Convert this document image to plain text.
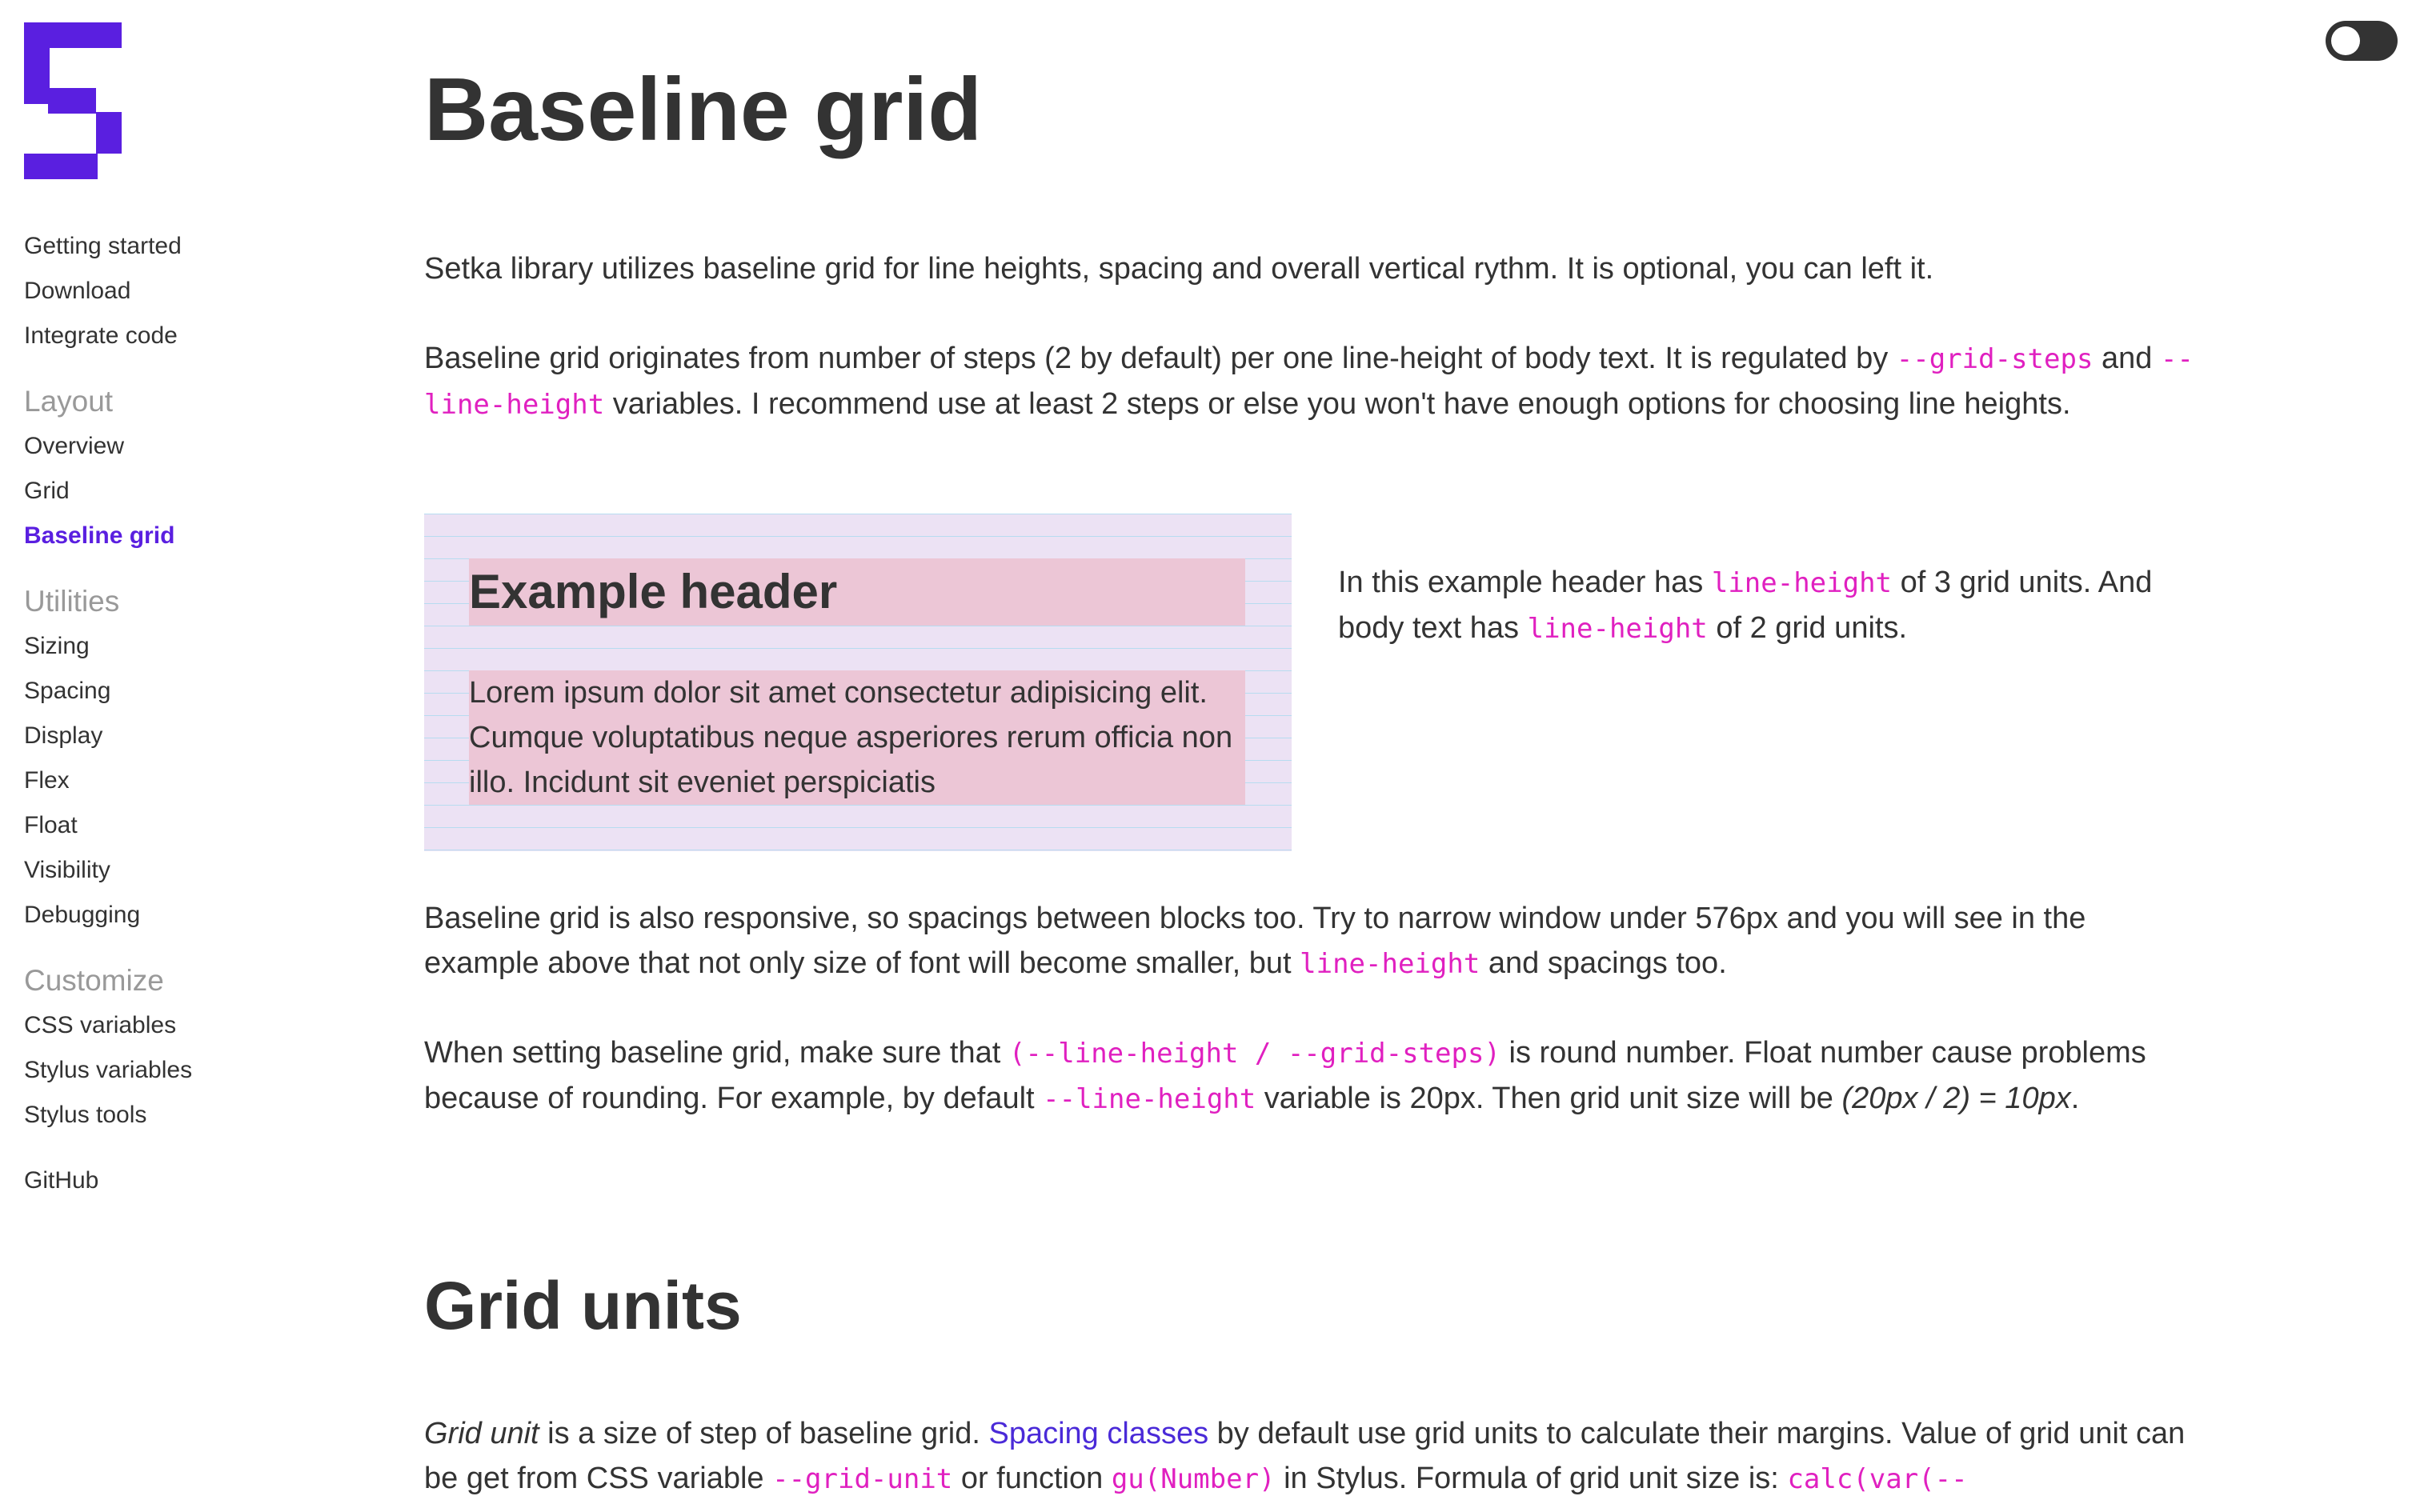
Getting started
Download
Integrate code
Layout
Overview
Grid
Baseline grid
Utilities
Sizing
Spacing
Display
Flex
Float
Visibility
Debugging
Customize
CSS variables
Stylus variables
Stylus tools
GitHub
Baseline grid

Setka library utilizes baseline grid for line heights, spacing and overall vertical rythm. It is optional, you can left it.

Baseline grid originates from number of steps (2 by default) per one line-height of body text. It is regulated by --grid-steps and --line-height variables. I recommend use at least 2 steps or else you won't have enough options for choosing line heights.

Example header
Lorem ipsum dolor sit amet consectetur adipisicing elit. Cumque voluptatibus neque asperiores rerum officia non illo. Incidunt sit eveniet perspiciatis

In this example header has line-height of 3 grid units. And body text has line-height of 2 grid units.

Baseline grid is also responsive, so spacings between blocks too. Try to narrow window under 576px and you will see in the example above that not only size of font will become smaller, but line-height and spacings too.

When setting baseline grid, make sure that (--line-height / --grid-steps) is round number. Float number cause problems because of rounding. For example, by default --line-height variable is 20px. Then grid unit size will be (20px / 2) = 10px.

Grid units

Grid unit is a size of step of baseline grid. Spacing classes by default use grid units to calculate their margins. Value of grid unit can be get from CSS variable --grid-unit or function gu(Number) in Stylus. Formula of grid unit size is: calc(var(--
